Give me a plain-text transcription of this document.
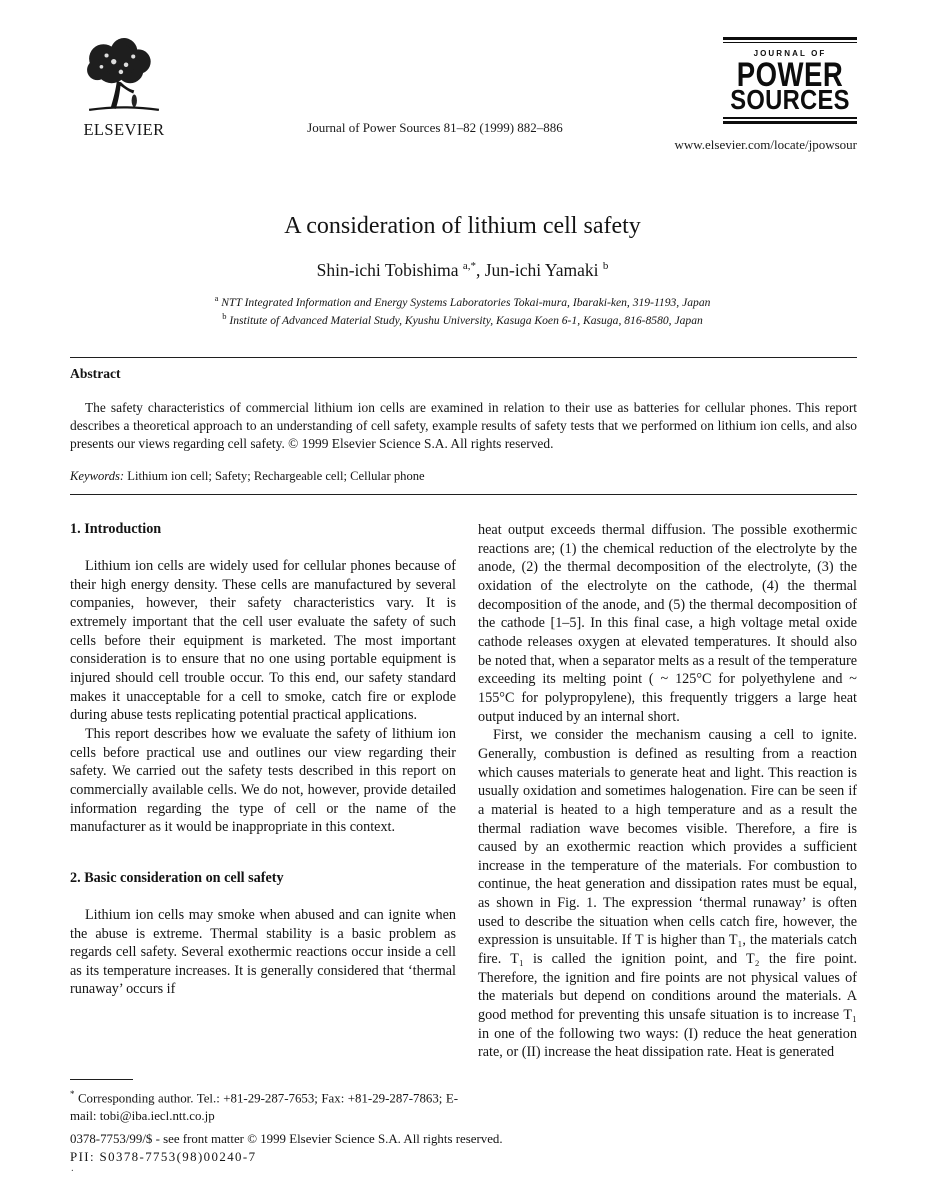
ELSEVIER	Journal of Power Sources 81–82 (1999) 882–886
JOURNAL OF
POWER
SOURCES
www.elsevier.com/locate/jpowsour
A consideration of lithium cell safety
Shin-ichi Tobishima $^{a,*}$, Jun-ichi Yamaki $^b$
$^a$ NTT Integrated Information and Energy Systems Laboratories Tokai-mura, Ibaraki-ken, 319-1193, Japan
$^b$ Institute of Advanced Material Study, Kyushu University, Kasuga Koen 6-1, Kasuga, 816-8580, Japan
Abstract

The safety characteristics of commercial lithium ion cells are examined in relation to their use as batteries for cellular phones. This report describes a theoretical approach to an understanding of cell safety, example results of safety tests that we performed on lithium ion cells, and also presents our views regarding cell safety. © 1999 Elsevier Science S.A. All rights reserved.

Keywords: Lithium ion cell; Safety; Rechargeable cell; Cellular phone

1. Introduction

Lithium ion cells are widely used for cellular phones because of their high energy density. These cells are manufactured by several companies, however, their safety characteristics vary. It is extremely important that the cell user evaluate the safety of such cells before their equipment is marketed. The most important consideration is to ensure that no one using portable equipment is injured should cell trouble occur. To this end, our safety standard makes it unacceptable for a cell to smoke, catch fire or explode during abuse tests replicating potential practical applications.

This report describes how we evaluate the safety of lithium ion cells before practical use and outlines our view regarding their safety. We carried out the safety tests described in this report on commercially available cells. We do not, however, provide detailed information regarding the type of cell or the name of the manufacturer as it would be inappropriate in this context.

2. Basic consideration on cell safety

Lithium ion cells may smoke when abused and can ignite when the abuse is extreme. Thermal stability is a basic problem as regards cell safety. Several exothermic reactions occur inside a cell as its temperature increases. It is generally considered that ‘thermal runaway’ occurs if

heat output exceeds thermal diffusion. The possible exothermic reactions are; (1) the chemical reduction of the electrolyte by the anode, (2) the thermal decomposition of the electrolyte, (3) the oxidation of the electrolyte on the cathode, (4) the thermal decomposition of the anode, and (5) the thermal decomposition of the cathode [1–5]. In this final case, a high voltage metal oxide cathode releases oxygen at elevated temperatures. It should also be noted that, when a separator melts as a result of the temperature exceeding its melting point ( ~ 125°C for polyethylene and ~ 155°C for polypropylene), this frequently triggers a large heat output induced by an internal short.

First, we consider the mechanism causing a cell to ignite. Generally, combustion is defined as resulting from a reaction which causes materials to generate heat and light. This reaction is usually oxidation and sometimes halogenation. Fire can be seen if a material is heated to a high temperature and as a result the thermal radiation wave becomes visible. Therefore, a fire is caused by an exothermic reaction which provides a sufficient increase in the temperature of the materials. For combustion to continue, the heat generation and dissipation rates must be equal, as shown in Fig. 1. The expression ‘thermal runaway’ is often used to describe the situation when cells catch fire, however, the expression is unsuitable. If T is higher than T₁, the materials catch fire. T₁ is called the ignition point, and T₂ the fire point. Therefore, the ignition and fire points are not physical values of the materials but depend on conditions around the materials. A good method for preventing this unsafe situation is to increase T₁ in one of the following two ways: (I) reduce the heat generation rate, or (II) increase the heat dissipation rate. Heat is generated

* Corresponding author. Tel.: +81-29-287-7653; Fax: +81-29-287-7863; E-mail: tobi@iba.iecl.ntt.co.jp

0378-7753/99/$ - see front matter © 1999 Elsevier Science S.A. All rights reserved.
PII: S0378-7753(98)00240-7
.
